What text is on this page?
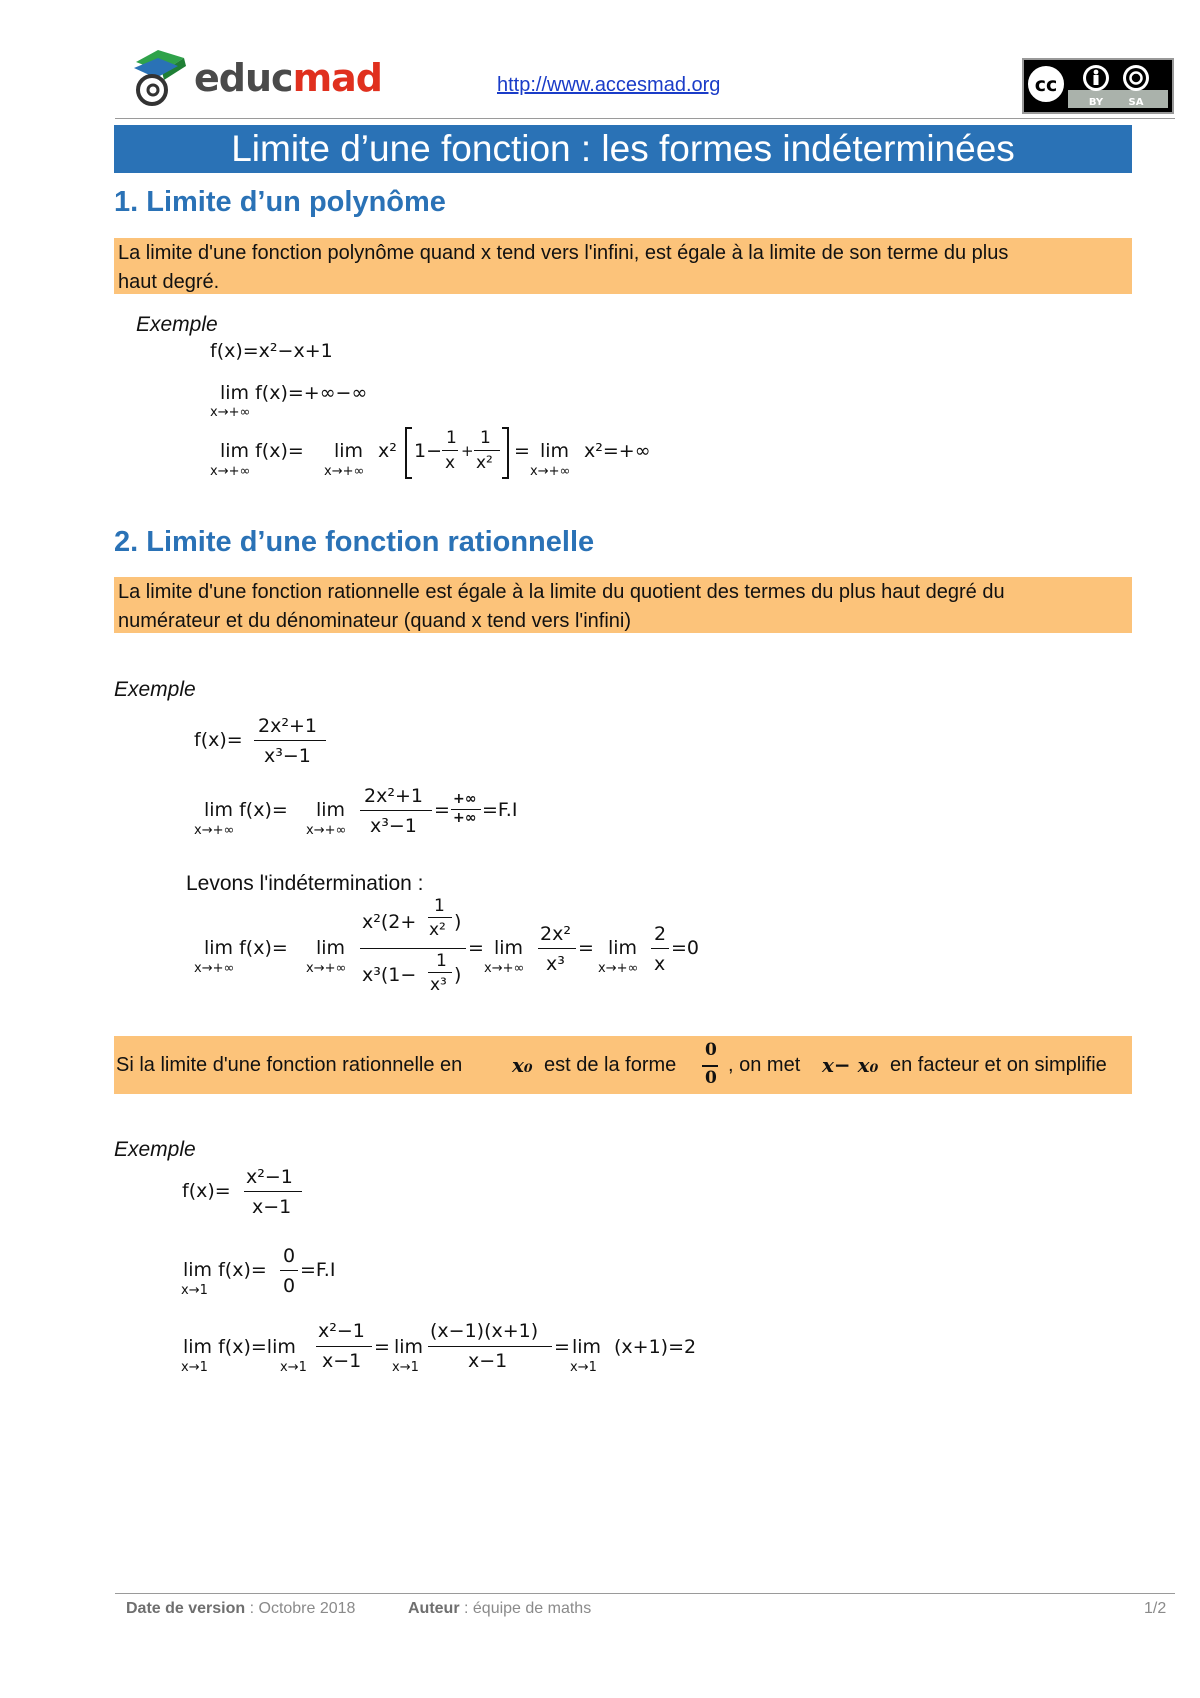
educmad	http://www.accesmad.org	cc
BY	SA
Limite d’une fonction : les formes indéterminées
1. Limite d’un polynôme
La limite d'une fonction polynôme quand x tend vers l'infini, est égale à la limite de son terme du plus
haut degré.
Exemple
f(x)=x²−x+1
lim f(x)=+∞−∞
x→+∞
lim f(x)=
x→+∞
lim
x→+∞
x² 1−
1
x
+
1
x²
= lim
x→+∞
x²=+∞
2. Limite d’une fonction rationnelle
La limite d'une fonction rationnelle est égale à la limite du quotient des termes du plus haut degré du
numérateur et du dénominateur (quand x tend vers l'infini)
Exemple
f(x)=
2x²+1
x³−1
lim f(x)=
x→+∞
lim
x→+∞
2x²+1
x³−1
= +∞
+∞ =F.I
Levons l'indétermination :
lim f(x)=
x→+∞
lim
x→+∞
x²(2+
1
x² )
x³(1−
1
x³ )
= lim
x→+∞
2x²
x³
= lim
x→+∞
2
x
=0
Si la limite d'une fonction rationnelle en x₀ est de la forme
0
0
, on met x− x₀ en facteur et on simplifie
Exemple
f(x)=
x²−1
x−1
lim f(x)=
x→1
0
0
=F.I
lim f(x)=lim
x→1	x→1
x²−1
x−1
= lim
x→1
(x−1)(x+1)
x−1
= lim
x→1
(x+1)=2
Date de version : Octobre 2018	Auteur : équipe de maths	1/2
